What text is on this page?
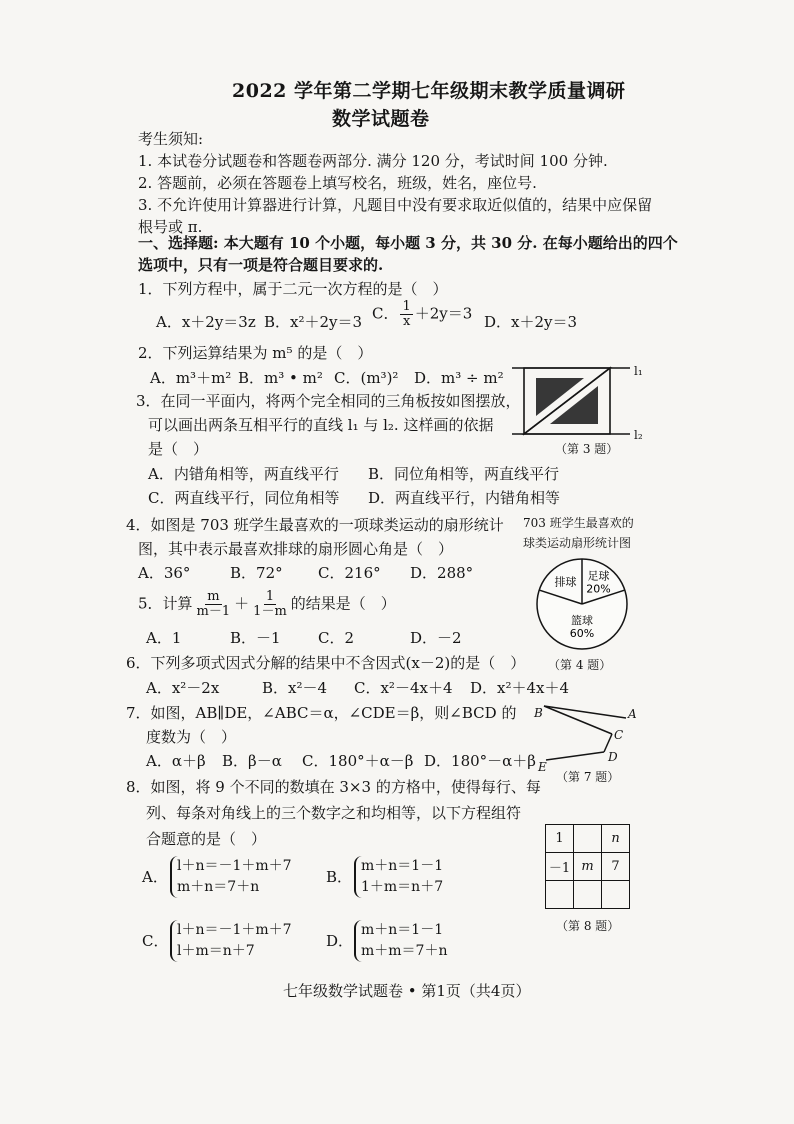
2022 学年第二学期七年级期末教学质量调研
数学试题卷
考生须知:
1. 本试卷分试题卷和答题卷两部分. 满分 120 分，考试时间 100 分钟.
2. 答题前，必须在答题卷上填写校名，班级，姓名，座位号.
3. 不允许使用计算器进行计算，凡题目中没有要求取近似值的，结果中应保留
根号或 π.
一、选择题: 本大题有 10 个小题，每小题 3 分，共 30 分. 在每小题给出的四个
选项中，只有一项是符合题目要求的.
1．下列方程中，属于二元一次方程的是（　）
A．x＋2y＝3z B．x²＋2y＝3 C． $\frac{1}{x} +2y=3$ D．x＋2y＝3
2．下列运算结果为 m⁵ 的是（　）
A．m³＋m² B．m³ • m² C．(m³)² D．m³ ÷ m²
3．在同一平面内，将两个完全相同的三角板按如图摆放，
可以画出两条互相平行的直线 l₁ 与 l₂. 这样画的依据
是（　）
A．内错角相等，两直线平行 B．同位角相等，两直线平行
C．两直线平行，同位角相等 D．两直线平行，内错角相等
l₁
l₂
（第 3 题）
4．如图是 703 班学生最喜欢的一项球类运动的扇形统计
图，其中表示最喜欢排球的扇形圆心角是（　）
A．36°	B．72° C．216° D．288°
703 班学生最喜欢的
球类运动扇形统计图
足球
20%
篮球
60%
排球
（第 4 题）
5．计算 $\frac{m}{m-1} + \frac{1}{1-m}$ 的结果是（　）
A．1	B．－1 C．2	D．－2
6．下列多项式因式分解的结果中不含因式(x－2)的是（　）
A．x²－2x	B．x²－4 C．x²－4x＋4 D．x²＋4x＋4
7．如图，AB∥DE，∠ABC＝α，∠CDE＝β，则∠BCD 的
度数为（　）
A．α＋β B．β－α C．180°＋α－β D．180°－α＋β
B	A
C
D
E
（第 7 题）
8．如图，将 9 个不同的数填在 3×3 的方格中，使得每行、每
列、每条对角线上的三个数字之和均相等，以下方程组符
合题意的是（　）
A．
l＋n＝－1＋m＋7
m＋n＝7＋n
B．
m＋n＝1－1
1＋m＝n＋7
C．
l＋n＝－1＋m＋7
l＋m＝n＋7
D．
m＋n＝1－1
m＋m＝7＋n
1		n
－1	m	7

（第 8 题）
七年级数学试题卷 • 第1页（共4页）
